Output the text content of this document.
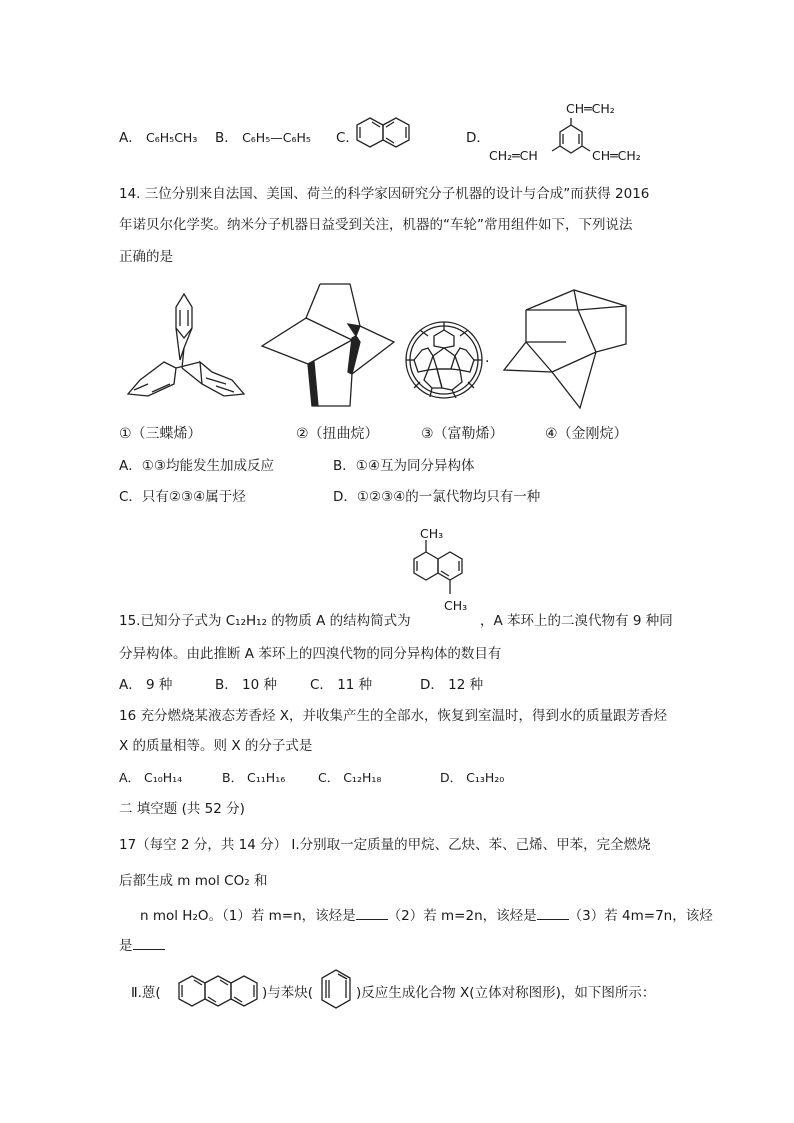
A． C₆H₅CH₃ B． C₆H₅—C₆H₅ C．	D．
CH═CH₂
CH₂═CH	CH═CH₂
14. 三位分别来自法国、美国、荷兰的科学家因研究分子机器的设计与合成”而获得 2016
年诺贝尔化学奖。纳米分子机器日益受到关注，机器的“车轮”常用组件如下，下列说法
正确的是
·
①（三蝶烯）	②（扭曲烷）	③（富勒烯）	④（金刚烷）
A．①③均能发生加成反应	B．①④互为同分异构体
C．只有②③④属于烃	D．①②③④的一氯代物均只有一种
CH₃
CH₃
15.已知分子式为 C₁₂H₁₂ 的物质 A 的结构简式为	，A 苯环上的二溴代物有 9 种同
分异构体。由此推断 A 苯环上的四溴代物的同分异构体的数目有
A． 9 种	B． 10 种 C． 11 种	D． 12 种
16 充分燃烧某液态芳香烃 X，并收集产生的全部水，恢复到室温时，得到水的质量跟芳香烃
X 的质量相等。则 X 的分子式是
A． C₁₀H₁₄	B． C₁₁H₁₆	C． C₁₂H₁₈	D． C₁₃H₂₀
二 填空题 (共 52 分)
17（每空 2 分，共 14 分） Ⅰ.分别取一定质量的甲烷、乙炔、苯、己烯、甲苯，完全燃烧
后都生成 m mol CO₂ 和
n mol H₂O。（1）若 m=n，该烃是 （2）若 m=2n，该烃是 （3）若 4m=7n，该烃
是
Ⅱ.蒽(	)与苯炔(	)反应生成化合物 X(立体对称图形)，如下图所示：
